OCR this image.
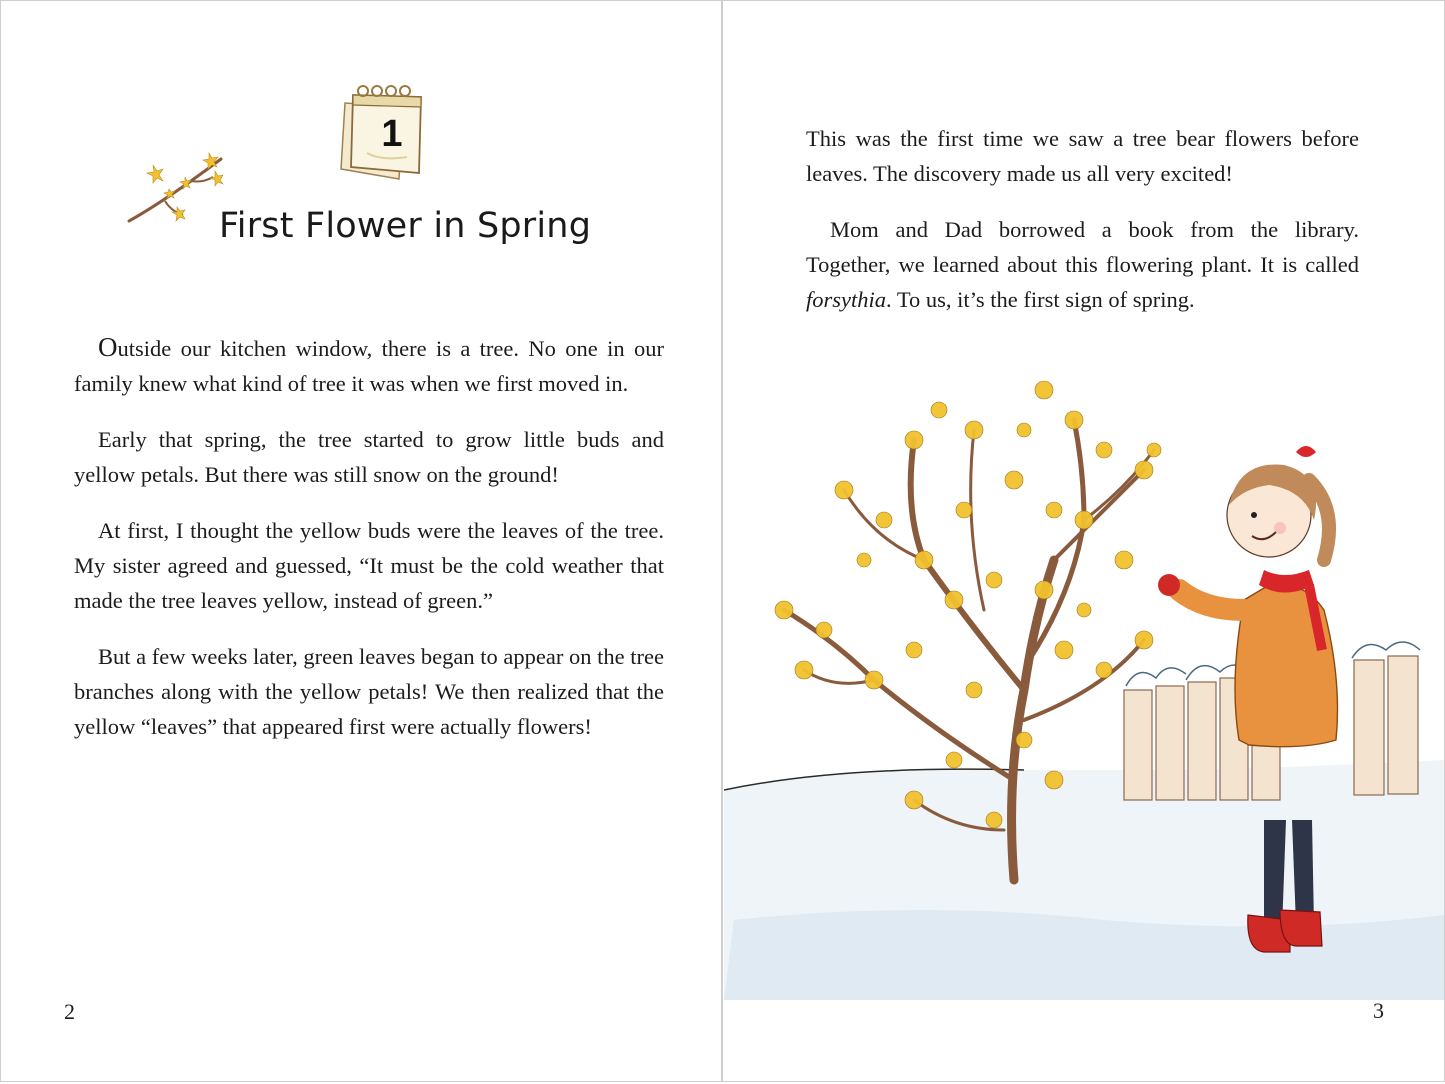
1
First Flower in Spring

Outside our kitchen window, there is a tree. No one in our family knew what kind of tree it was when we first moved in.

Early that spring, the tree started to grow little buds and yellow petals. But there was still snow on the ground!

At first, I thought the yellow buds were the leaves of the tree. My sister agreed and guessed, “It must be the cold weather that made the tree leaves yellow, instead of green.”

But a few weeks later, green leaves began to appear on the tree branches along with the yellow petals! We then realized that the yellow “leaves” that appeared first were actually flowers!

2

This was the first time we saw a tree bear flowers before leaves. The discovery made us all very excited!

Mom and Dad borrowed a book from the library. Together, we learned about this flowering plant. It is called forsythia. To us, it’s the first sign of spring.

3
